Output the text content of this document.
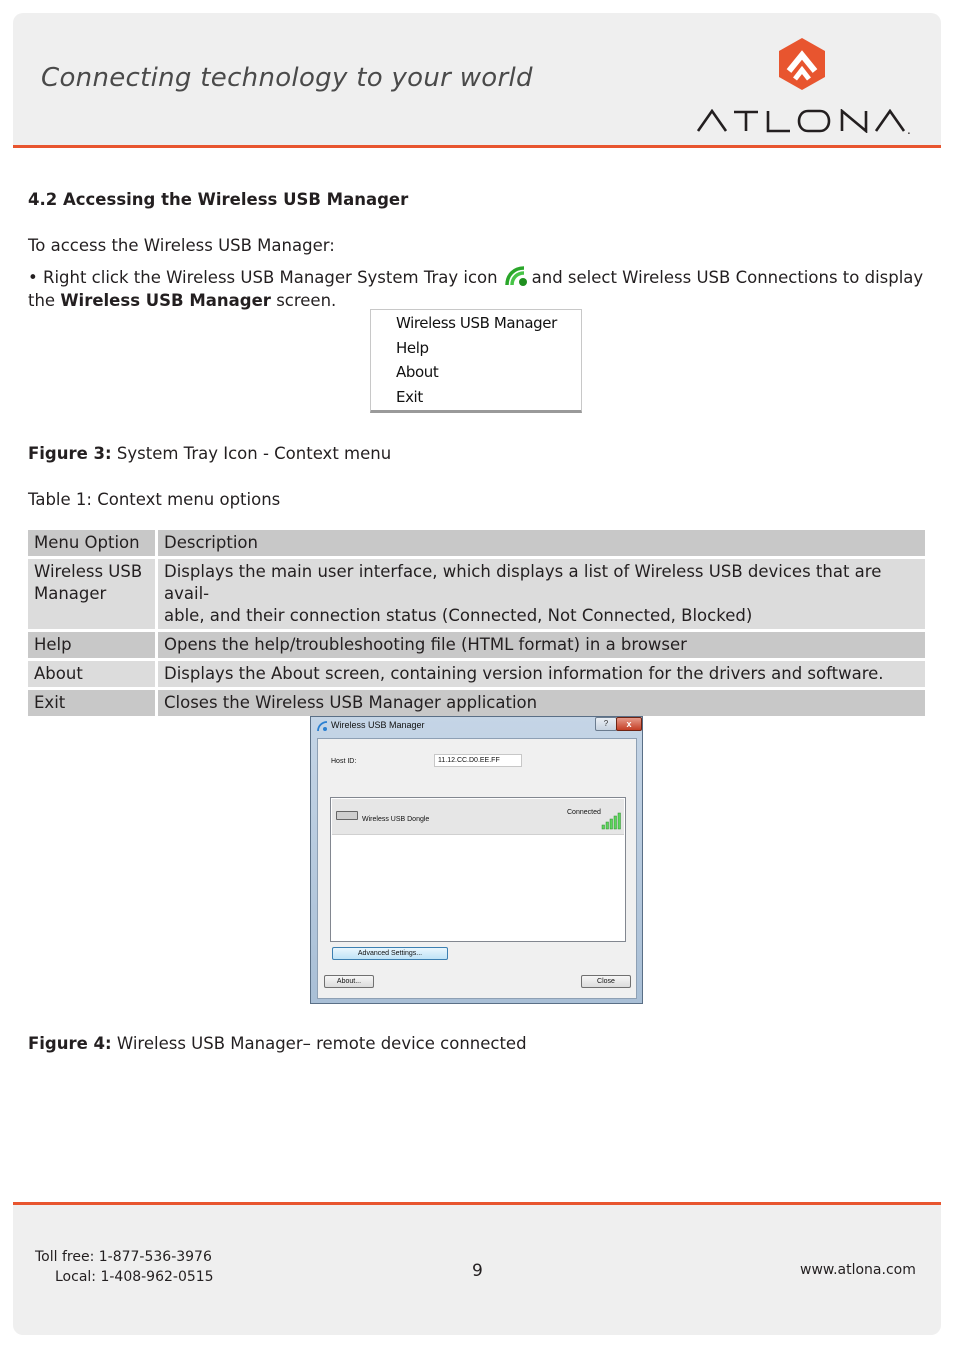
Connecting technology to your world
.
4.2 Accessing the Wireless USB Manager
To access the Wireless USB Manager:
• Right click the Wireless USB Manager System Tray icon and select Wireless USB Connections to display
the Wireless USB Manager screen.
Wireless USB Manager
Help
About
Exit
Figure 3: System Tray Icon - Context menu
Table 1: Context menu options
Menu Option	Description
Wireless USB
Manager	Displays the main user interface, which displays a list of Wireless USB devices that are avail-
able, and their connection status (Connected, Not Connected, Blocked)
Help	Opens the help/troubleshooting file (HTML format) in a browser
About	Displays the About screen, containing version information for the drivers and software.
Exit	Closes the Wireless USB Manager application
Wireless USB Manager	?	x
Host ID:	11.12.CC.D0.EE.FF
Wireless USB Dongle
Connected
Advanced Settings...
About...	Close
Figure 4: Wireless USB Manager– remote device connected
Toll free: 1-877-536-3976
Local: 1-408-962-0515	9	www.atlona.com
